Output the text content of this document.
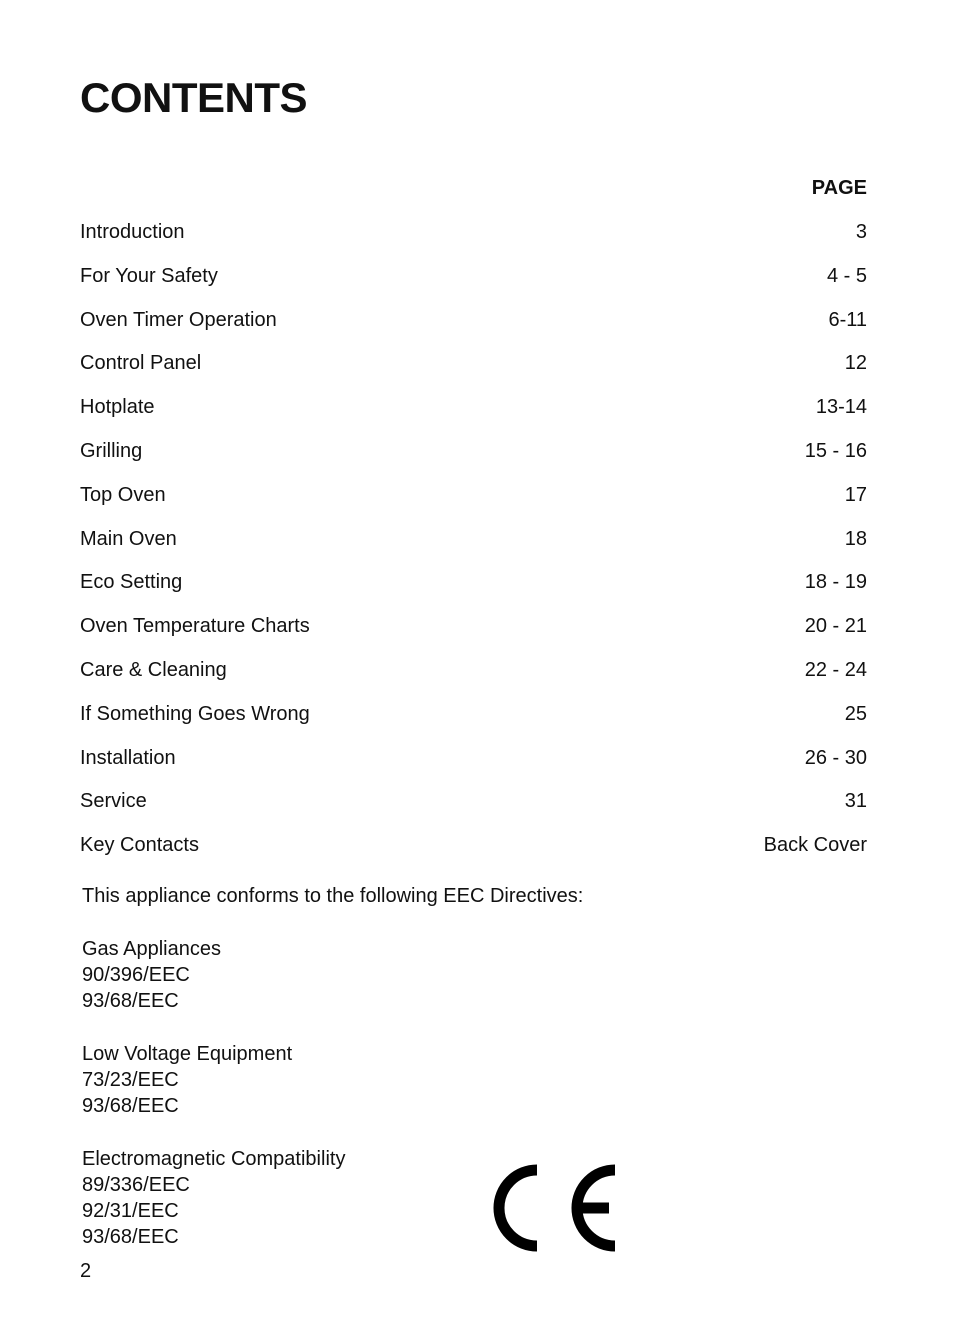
CONTENTS
PAGE
Introduction	3
For Your Safety	4 - 5
Oven Timer Operation	6-11
Control Panel	12
Hotplate	13-14
Grilling	15 - 16
Top Oven	17
Main Oven	18
Eco Setting	18 - 19
Oven Temperature Charts	20 - 21
Care & Cleaning	22 - 24
If Something Goes Wrong	25
Installation	26 - 30
Service	31
Key Contacts	Back Cover

This appliance conforms to the following EEC Directives:

Gas Appliances
90/396/EEC
93/68/EEC
Low Voltage Equipment
73/23/EEC
93/68/EEC
Electromagnetic Compatibility
89/336/EEC
92/31/EEC
93/68/EEC
2
